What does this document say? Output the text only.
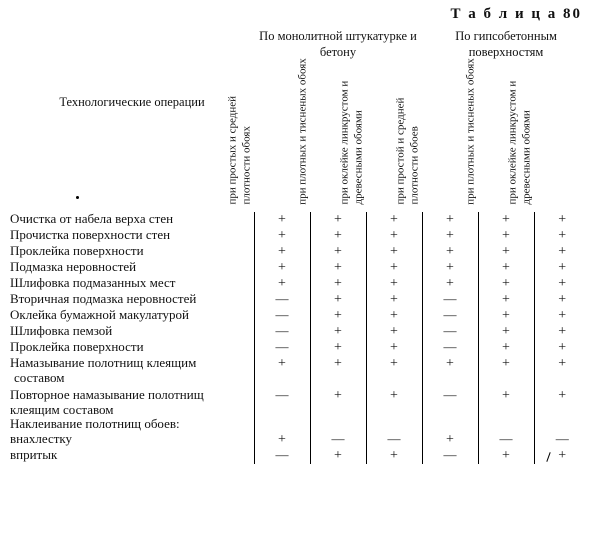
Т а б л и ц а 80
Технологические операции	По монолитной штукатурке и бетону			По гипсобетонным поверхностям		

	при простых и средней плотности обоях	при плотных и тисненых обоях	при оклейке линкрустом и древесными обоями	при простой и средней плотности обоев	при плотных и тисненых обоях	при оклейке линкрустом и древесными обоями
Очистка от набела верха стен	+	+	+	+	+	+
Прочистка поверхности стен	+	+	+	+	+	+
Проклейка поверхности	+	+	+	+	+	+
Подмазка неровностей	+	+	+	+	+	+
Шлифовка подмазанных мест	+	+	+	+	+	+
Вторичная подмазка неровностей	—	+	+	—	+	+
Оклейка бумажной макулатурой	—	+	+	—	+	+
Шлифовка пемзой	—	+	+	—	+	+
Проклейка поверхности	—	+	+	—	+	+
Намазывание полотнищ клеящим
составом	+	+	+	+	+	+

Повторное намазывание полотнищ клеящим составом	—	+	+	—	+	+
Наклеивание полотнищ обоев:						
внахлестку	+	—	—	+	—	—
впритык	—	+	+	—	+	+
